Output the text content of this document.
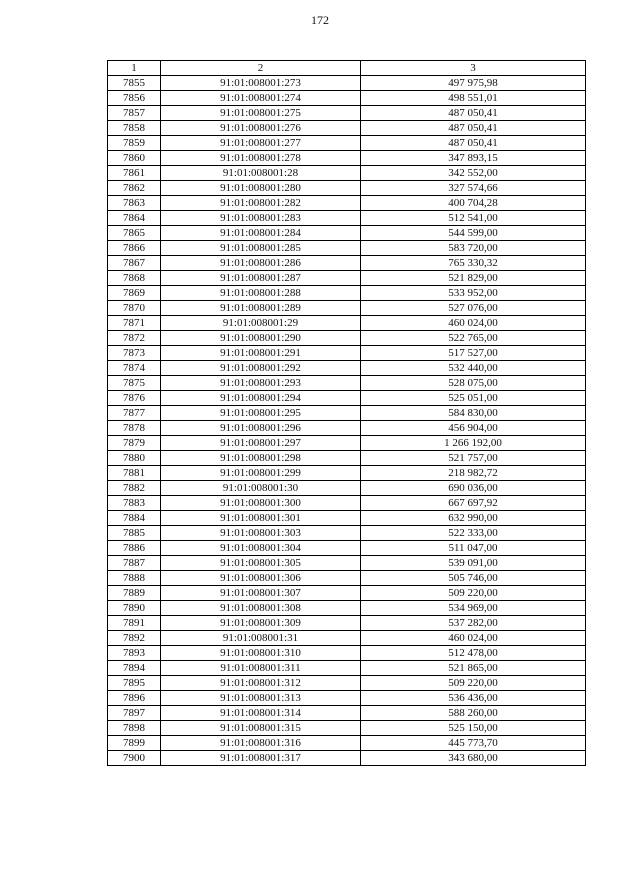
172
1	2	3
7855	91:01:008001:273	497 975,98
7856	91:01:008001:274	498 551,01
7857	91:01:008001:275	487 050,41
7858	91:01:008001:276	487 050,41
7859	91:01:008001:277	487 050,41
7860	91:01:008001:278	347 893,15
7861	91:01:008001:28	342 552,00
7862	91:01:008001:280	327 574,66
7863	91:01:008001:282	400 704,28
7864	91:01:008001:283	512 541,00
7865	91:01:008001:284	544 599,00
7866	91:01:008001:285	583 720,00
7867	91:01:008001:286	765 330,32
7868	91:01:008001:287	521 829,00
7869	91:01:008001:288	533 952,00
7870	91:01:008001:289	527 076,00
7871	91:01:008001:29	460 024,00
7872	91:01:008001:290	522 765,00
7873	91:01:008001:291	517 527,00
7874	91:01:008001:292	532 440,00
7875	91:01:008001:293	528 075,00
7876	91:01:008001:294	525 051,00
7877	91:01:008001:295	584 830,00
7878	91:01:008001:296	456 904,00
7879	91:01:008001:297	1 266 192,00
7880	91:01:008001:298	521 757,00
7881	91:01:008001:299	218 982,72
7882	91:01:008001:30	690 036,00
7883	91:01:008001:300	667 697,92
7884	91:01:008001:301	632 990,00
7885	91:01:008001:303	522 333,00
7886	91:01:008001:304	511 047,00
7887	91:01:008001:305	539 091,00
7888	91:01:008001:306	505 746,00
7889	91:01:008001:307	509 220,00
7890	91:01:008001:308	534 969,00
7891	91:01:008001:309	537 282,00
7892	91:01:008001:31	460 024,00
7893	91:01:008001:310	512 478,00
7894	91:01:008001:311	521 865,00
7895	91:01:008001:312	509 220,00
7896	91:01:008001:313	536 436,00
7897	91:01:008001:314	588 260,00
7898	91:01:008001:315	525 150,00
7899	91:01:008001:316	445 773,70
7900	91:01:008001:317	343 680,00
